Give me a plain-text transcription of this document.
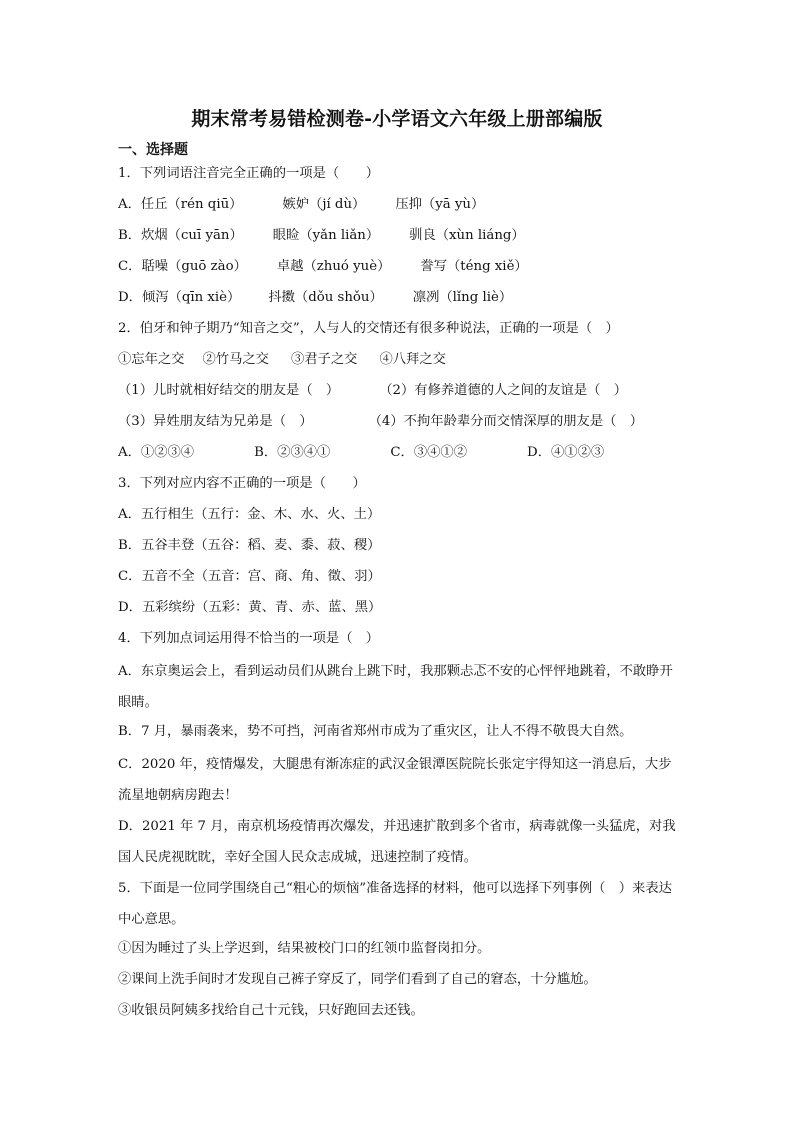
期末常考易错检测卷-小学语文六年级上册部编版
一、选择题
1．下列词语注音完全正确的一项是（　　）
A．任丘（rén qiū）	嫉妒（jí dù） 压抑（yā yù）
B．炊烟（cuī yān） 眼睑（yǎn liǎn） 驯良（xùn liáng）
C．聒噪（guō zào） 卓越（zhuó yuè） 誊写（téng xiě）
D．倾泻（qīn xiè） 抖擞（dǒu shǒu） 凛冽（lǐng liè）
2．伯牙和钟子期乃“知音之交”，人与人的交情还有很多种说法，正确的一项是（　）
①忘年之交 ②竹马之交 ③君子之交 ④八拜之交
（1）儿时就相好结交的朋友是（　）	（2）有修养道德的人之间的友谊是（　）
（3）异姓朋友结为兄弟是（　）	（4）不拘年龄辈分而交情深厚的朋友是（　）
A．①②③④	B．②③④①	C．③④①②	D．④①②③
3．下列对应内容不正确的一项是（　　）
A．五行相生（五行：金、木、水、火、土）
B．五谷丰登（五谷：稻、麦、黍、菽、稷）
C．五音不全（五音：宫、商、角、徵、羽）
D．五彩缤纷（五彩：黄、青、赤、蓝、黑）
4．下列加点词运用得不恰当的一项是（　）
A．东京奥运会上，看到运动员们从跳台上跳下时，我那颗忐忑不安的心怦怦地跳着，不敢睁开眼睛。
B．7 月，暴雨袭来，势不可挡，河南省郑州市成为了重灾区，让人不得不敬畏大自然。
C．2020 年，疫情爆发，大腿患有渐冻症的武汉金银潭医院院长张定宇得知这一消息后，大步流星地朝病房跑去！
D．2021 年 7 月，南京机场疫情再次爆发，并迅速扩散到多个省市，病毒就像一头猛虎，对我国人民虎视眈眈，幸好全国人民众志成城，迅速控制了疫情。
5．下面是一位同学围绕自己“粗心的烦恼”准备选择的材料，他可以选择下列事例（　）来表达中心意思。
①因为睡过了头上学迟到，结果被校门口的红领巾监督岗扣分。
②课间上洗手间时才发现自己裤子穿反了，同学们看到了自己的窘态，十分尴尬。
③收银员阿姨多找给自己十元钱，只好跑回去还钱。
